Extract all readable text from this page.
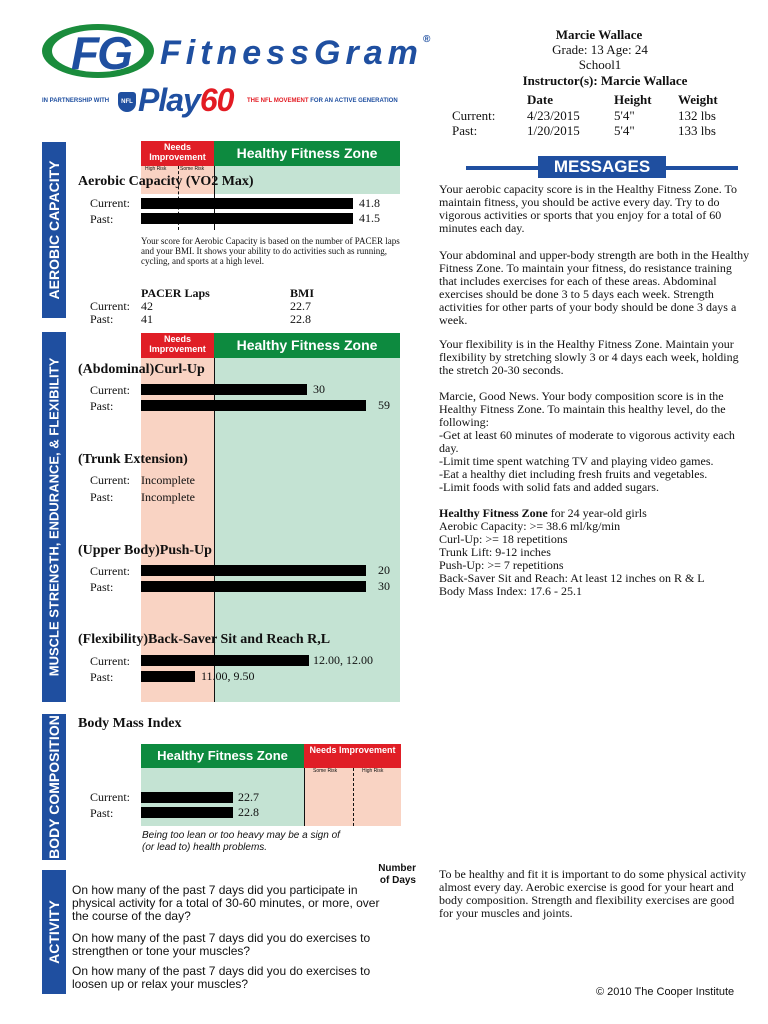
FG FitnessGram®
IN PARTNERSHIP WITH	NFL Play60 THE NFL MOVEMENT FOR AN ACTIVE GENERATION
Marcie Wallace
Grade: 13 Age: 24
School1
Instructor(s): Marcie Wallace
Date	Height Weight
Current: 4/23/2015	5'4"	132 lbs
Past:	1/20/2015	5'4"	133 lbs
AEROBIC CAPACITY
MUSCLE STRENGTH, ENDURANCE, & FLEXIBILITY
BODY COMPOSITION
ACTIVITY
Needs Improvement	Healthy Fitness Zone
High Risk	Some Risk
Aerobic Capacity (VO2 Max)
Current:	41.8
Past:	41.5
Your score for Aerobic Capacity is based on the number of PACER laps and your BMI. It shows your ability to do activities such as running, cycling, and sports at a high level.
PACER Laps	BMI
Current: 42	22.7
Past: 41	22.8
Needs Improvement	Healthy Fitness Zone
(Abdominal)Curl-Up
Current:	30
Past:	59
(Trunk Extension)
Current: Incomplete
Past: Incomplete
(Upper Body)Push-Up
Current:	20
Past:	30
(Flexibility)Back-Saver Sit and Reach R,L
Current:	12.00, 12.00
Past:	11.00, 9.50
Body Mass Index
Healthy Fitness Zone	Needs Improvement
Some Risk	High Risk
Current:	22.7
Past:	22.8
Being too lean or too heavy may be a sign of (or lead to) health problems.
Number of Days
On how many of the past 7 days did you participate in physical activity for a total of 30-60 minutes, or more, over the course of the day?
On how many of the past 7 days did you do exercises to strengthen or tone your muscles?
On how many of the past 7 days did you do exercises to loosen up or relax your muscles?
MESSAGES
Your aerobic capacity score is in the Healthy Fitness Zone. To maintain fitness, you should be active every day. Try to do vigorous activities or sports that you enjoy for a total of 60 minutes each day.
Your abdominal and upper-body strength are both in the Healthy Fitness Zone. To maintain your fitness, do resistance training that includes exercises for each of these areas. Abdominal exercises should be done 3 to 5 days each week. Strength activities for other parts of your body should be done 3 days a week.
Your flexibility is in the Healthy Fitness Zone. Maintain your flexibility by stretching slowly 3 or 4 days each week, holding the stretch 20-30 seconds.

Marcie, Good News. Your body composition score is in the Healthy Fitness Zone. To maintain this healthy level, do the following:

-Get at least 60 minutes of moderate to vigorous activity each day.

-Limit time spent watching TV and playing video games.

-Eat a healthy diet including fresh fruits and vegetables.

-Limit foods with solid fats and added sugars.

Healthy Fitness Zone for 24 year-old girls

Aerobic Capacity: >= 38.6 ml/kg/min

Curl-Up: >= 18 repetitions

Trunk Lift: 9-12 inches

Push-Up: >= 7 repetitions

Back-Saver Sit and Reach: At least 12 inches on R & L

Body Mass Index: 17.6 - 25.1

To be healthy and fit it is important to do some physical activity almost every day. Aerobic exercise is good for your heart and body composition. Strength and flexibility exercises are good for your muscles and joints.
© 2010 The Cooper Institute
